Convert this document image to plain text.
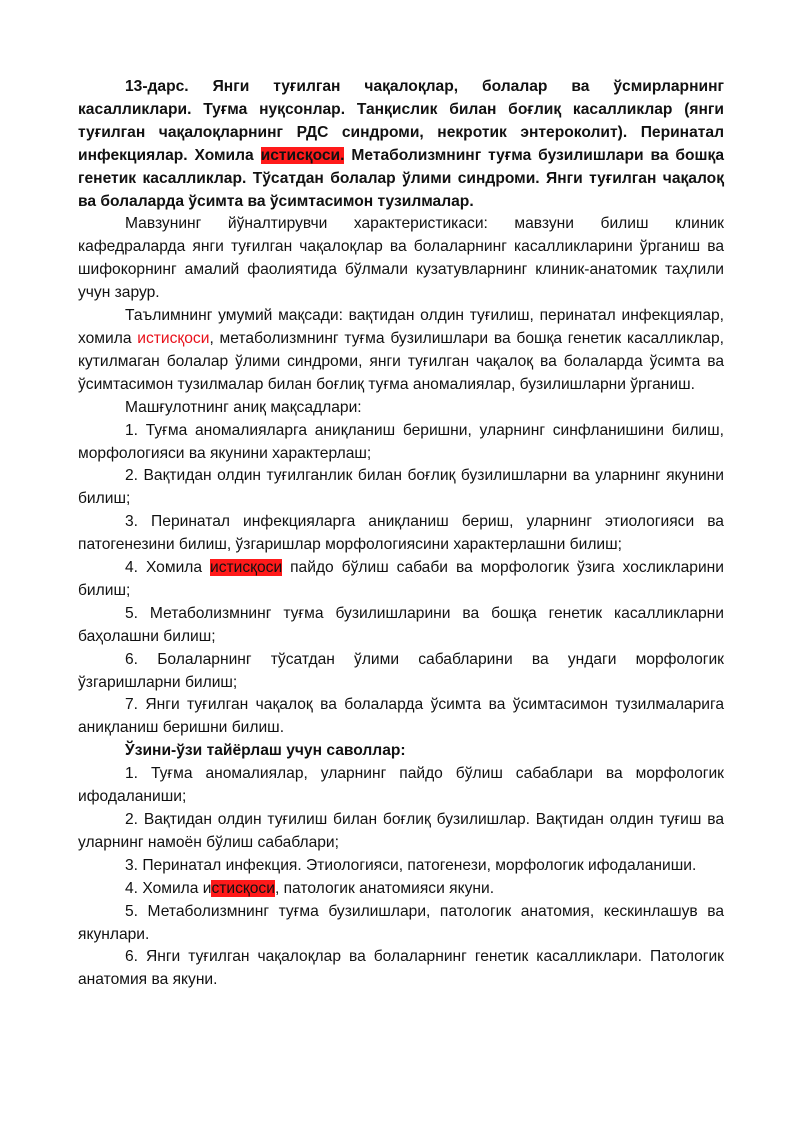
13-дарс. Янги туғилган чақалоқлар, болалар ва ўсмирларнинг касалликлари. Туғма нуқсонлар. Танқислик билан боғлиқ касалликлар (янги туғилган чақалоқларнинг РДС синдроми, некротик энтероколит). Перинатал инфекциялар. Хомила истисқоси. Метаболизмнинг туғма бузилишлари ва бошқа генетик касалликлар. Тўсатдан болалар ўлими синдроми. Янги туғилган чақалоқ ва болаларда ўсимта ва ўсимтасимон тузилмалар.

Мавзунинг йўналтирувчи характеристикаси: мавзуни билиш клиник кафедраларда янги туғилган чақалоқлар ва болаларнинг касалликларини ўрганиш ва шифокорнинг амалий фаолиятида бўлмали кузатувларнинг клиник-анатомик таҳлили учун зарур.

Таълимнинг умумий мақсади: вақтидан олдин туғилиш, перинатал инфекциялар, хомила истисқоси, метаболизмнинг туғма бузилишлари ва бошқа генетик касалликлар, кутилмаган болалар ўлими синдроми, янги туғилган чақалоқ ва болаларда ўсимта ва ўсимтасимон тузилмалар билан боғлиқ туғма аномалиялар, бузилишларни ўрганиш.

Машғулотнинг аниқ мақсадлари:

1. Туғма аномалияларга аниқланиш беришни, уларнинг синфланишини билиш, морфологияси ва якунини характерлаш;

2. Вақтидан олдин туғилганлик билан боғлиқ бузилишларни ва уларнинг якунини билиш;

3. Перинатал инфекцияларга аниқланиш бериш, уларнинг этиологияси ва патогенезини билиш, ўзгаришлар морфологиясини характерлашни билиш;

4. Хомила истисқоси пайдо бўлиш сабаби ва морфологик ўзига хосликларини билиш;

5. Метаболизмнинг туғма бузилишларини ва бошқа генетик касалликларни баҳолашни билиш;

6. Болаларнинг тўсатдан ўлими сабабларини ва ундаги морфологик ўзгаришларни билиш;

7. Янги туғилган чақалоқ ва болаларда ўсимта ва ўсимтасимон тузилмаларига аниқланиш беришни билиш.

Ўзини-ўзи тайёрлаш учун саволлар:

1. Туғма аномалиялар, уларнинг пайдо бўлиш сабаблари ва морфологик ифодаланиши;

2. Вақтидан олдин туғилиш билан боғлиқ бузилишлар. Вақтидан олдин туғиш ва уларнинг намоён бўлиш сабаблари;

3. Перинатал инфекция. Этиологияси, патогенези, морфологик ифодаланиши.

4. Хомила истисқоси, патологик анатомияси якуни.

5. Метаболизмнинг туғма бузилишлари, патологик анатомия, кескинлашув ва якунлари.

6. Янги туғилган чақалоқлар ва болаларнинг генетик касалликлари. Патологик анатомия ва якуни.
